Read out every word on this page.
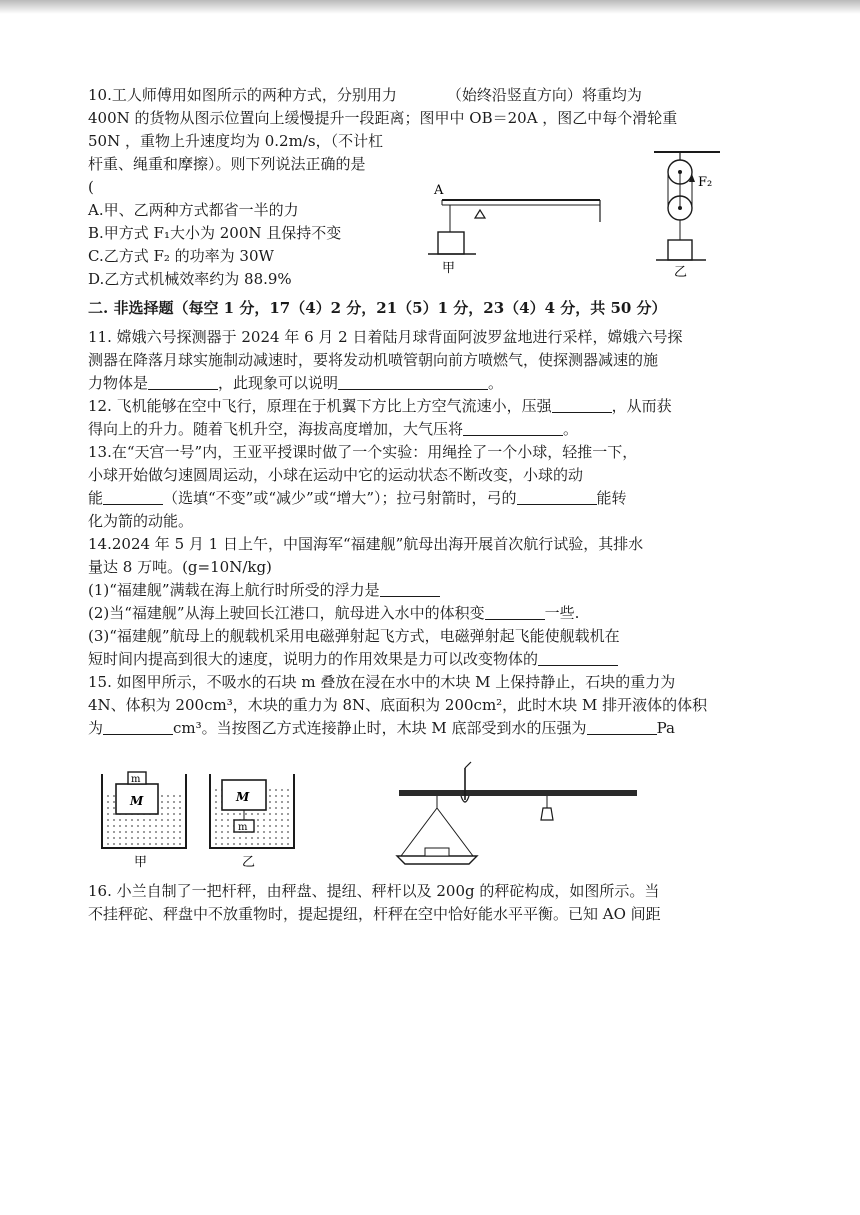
10.工人师傅用如图所示的两种方式，分别用力	（始终沿竖直方向）将重均为
400N 的货物从图示位置向上缓慢提升一段距离；图甲中 OB＝20A ，图乙中每个滑轮重
50N ，重物上升速度均为 0.2m/s，（不计杠
杆重、绳重和摩擦）。则下列说法正确的是
(
A.甲、乙两种方式都省一半的力
B.甲方式 F₁大小为 200N 且保持不变
C.乙方式 F₂ 的功率为 30W
D.乙方式机械效率约为 88.9%
二. 非选择题（每空 1 分，17（4）2 分，21（5）1 分，23（4）4 分，共 50 分）
11. 嫦娥六号探测器于 2024 年 6 月 2 日着陆月球背面阿波罗盆地进行采样，嫦娥六号探
测器在降落月球实施制动减速时，要将发动机喷管朝向前方喷燃气，使探测器减速的施
力物体是	，此现象可以说明	。
12. 飞机能够在空中飞行，原理在于机翼下方比上方空气流速小，压强	，从而获
得向上的升力。随着飞机升空，海拔高度增加，大气压将	。
13.在“天宫一号”内，王亚平授课时做了一个实验：用绳拴了一个小球，轻推一下，
小球开始做匀速圆周运动，小球在运动中它的运动状态不断改变，小球的动
能	（选填“不变”或“减少”或“增大”）；拉弓射箭时，弓的	能转
化为箭的动能。
14.2024 年 5 月 1 日上午，中国海军“福建舰”航母出海开展首次航行试验，其排水
量达 8 万吨。(g=10N/kg)
(1)“福建舰”满载在海上航行时所受的浮力是
(2)当“福建舰”从海上驶回长江港口，航母进入水中的体积变	一些.
(3)“福建舰”航母上的舰载机采用电磁弹射起飞方式，电磁弹射起飞能使舰载机在
短时间内提高到很大的速度，说明力的作用效果是力可以改变物体的
15. 如图甲所示，不吸水的石块 m 叠放在浸在水中的木块 M 上保持静止，石块的重力为
4N、体积为 200cm³，木块的重力为 8N、底面积为 200cm²，此时木块 M 排开液体的体积
为	cm³。当按图乙方式连接静止时，木块 M 底部受到水的压强为	Pa
16. 小兰自制了一把杆秤，由秤盘、提纽、秤杆以及 200g 的秤砣构成，如图所示。当
不挂秤砣、秤盘中不放重物时，提起提纽，杆秤在空中恰好能水平平衡。已知 AO 间距
A
甲
F₂
乙
m
M
甲
m
M
乙
